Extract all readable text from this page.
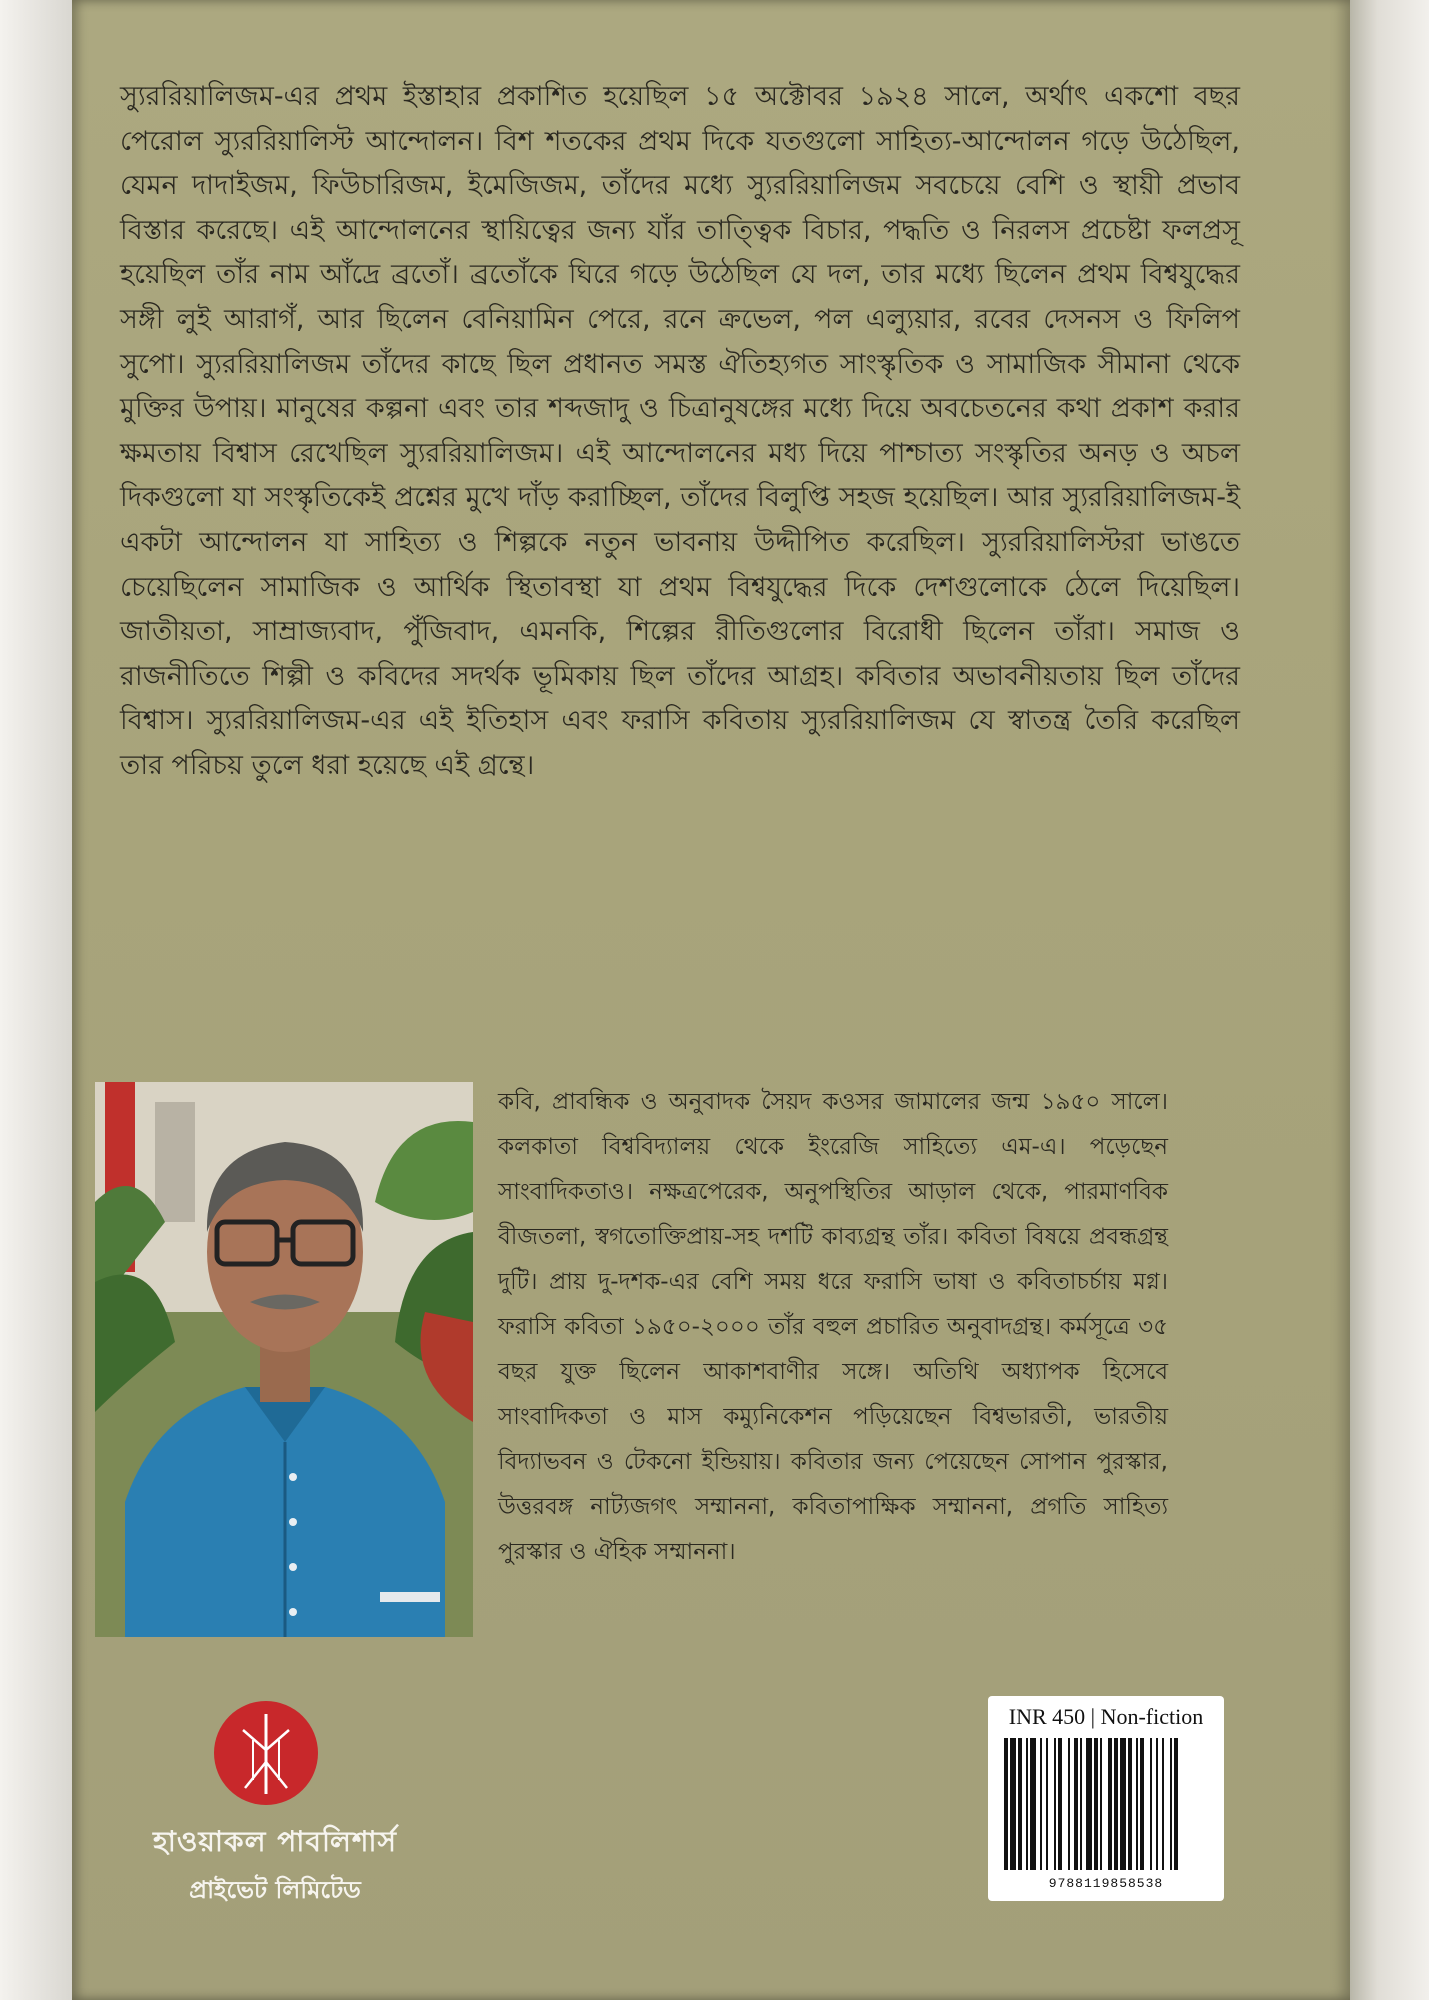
স্যুররিয়ালিজম-এর প্রথম ইস্তাহার প্রকাশিত হয়েছিল ১৫ অক্টোবর ১৯২৪ সালে, অর্থাৎ একশো বছর পেরোল স্যুররিয়ালিস্ট আন্দোলন। বিশ শতকের প্রথম দিকে যতগুলো সাহিত্য-আন্দোলন গড়ে উঠেছিল, যেমন দাদাইজম, ফিউচারিজম, ইমেজিজম, তাঁদের মধ্যে স্যুররিয়ালিজম সবচেয়ে বেশি ও স্থায়ী প্রভাব বিস্তার করেছে। এই আন্দোলনের স্থায়িত্বের জন্য যাঁর তাত্ত্বিক বিচার, পদ্ধতি ও নিরলস প্রচেষ্টা ফলপ্রসূ হয়েছিল তাঁর নাম আঁদ্রে ব্রতোঁ। ব্রতোঁকে ঘিরে গড়ে উঠেছিল যে দল, তার মধ্যে ছিলেন প্রথম বিশ্বযুদ্ধের সঙ্গী লুই আরাগঁ, আর ছিলেন বেনিয়ামিন পেরে, রনে ক্রভেল, পল এল্যুয়ার, রবের দেসনস ও ফিলিপ সুপো। স্যুররিয়ালিজম তাঁদের কাছে ছিল প্রধানত সমস্ত ঐতিহ্যগত সাংস্কৃতিক ও সামাজিক সীমানা থেকে মুক্তির উপায়। মানুষের কল্পনা এবং তার শব্দজাদু ও চিত্রানুষঙ্গের মধ্যে দিয়ে অবচেতনের কথা প্রকাশ করার ক্ষমতায় বিশ্বাস রেখেছিল স্যুররিয়ালিজম। এই আন্দোলনের মধ্য দিয়ে পাশ্চাত্য সংস্কৃতির অনড় ও অচল দিকগুলো যা সংস্কৃতিকেই প্রশ্নের মুখে দাঁড় করাচ্ছিল, তাঁদের বিলুপ্তি সহজ হয়েছিল। আর স্যুররিয়ালিজম-ই একটা আন্দোলন যা সাহিত্য ও শিল্পকে নতুন ভাবনায় উদ্দীপিত করেছিল। স্যুররিয়ালিস্টরা ভাঙতে চেয়েছিলেন সামাজিক ও আর্থিক স্থিতাবস্থা যা প্রথম বিশ্বযুদ্ধের দিকে দেশগুলোকে ঠেলে দিয়েছিল। জাতীয়তা, সাম্রাজ্যবাদ, পুঁজিবাদ, এমনকি, শিল্পের রীতিগুলোর বিরোধী ছিলেন তাঁরা। সমাজ ও রাজনীতিতে শিল্পী ও কবিদের সদর্থক ভূমিকায় ছিল তাঁদের আগ্রহ। কবিতার অভাবনীয়তায় ছিল তাঁদের বিশ্বাস। স্যুররিয়ালিজম-এর এই ইতিহাস এবং ফরাসি কবিতায় স্যুররিয়ালিজম যে স্বাতন্ত্র তৈরি করেছিল তার পরিচয় তুলে ধরা হয়েছে এই গ্রন্থে।
কবি, প্রাবন্ধিক ও অনুবাদক সৈয়দ কওসর জামালের জন্ম ১৯৫০ সালে। কলকাতা বিশ্ববিদ্যালয় থেকে ইংরেজি সাহিত্যে এম-এ। পড়েছেন সাংবাদিকতাও। নক্ষত্রপেরেক, অনুপস্থিতির আড়াল থেকে, পারমাণবিক বীজতলা, স্বগতোক্তিপ্রায়-সহ দশটি কাব্যগ্রন্থ তাঁর। কবিতা বিষয়ে প্রবন্ধগ্রন্থ দুটি। প্রায় দু-দশক-এর বেশি সময় ধরে ফরাসি ভাষা ও কবিতাচর্চায় মগ্ন। ফরাসি কবিতা ১৯৫০-২০০০ তাঁর বহুল প্রচারিত অনুবাদগ্রন্থ। কর্মসূত্রে ৩৫ বছর যুক্ত ছিলেন আকাশবাণীর সঙ্গে। অতিথি অধ্যাপক হিসেবে সাংবাদিকতা ও মাস কম্যুনিকেশন পড়িয়েছেন বিশ্বভারতী, ভারতীয় বিদ্যাভবন ও টেকনো ইন্ডিয়ায়। কবিতার জন্য পেয়েছেন সোপান পুরস্কার, উত্তরবঙ্গ নাট্যজগৎ সম্মাননা, কবিতাপাক্ষিক সম্মাননা, প্রগতি সাহিত্য পুরস্কার ও ঐহিক সম্মাননা।
হাওয়াকল পাবলিশার্স
প্রাইভেট লিমিটেড
INR 450 | Non-fiction
9788119858538
